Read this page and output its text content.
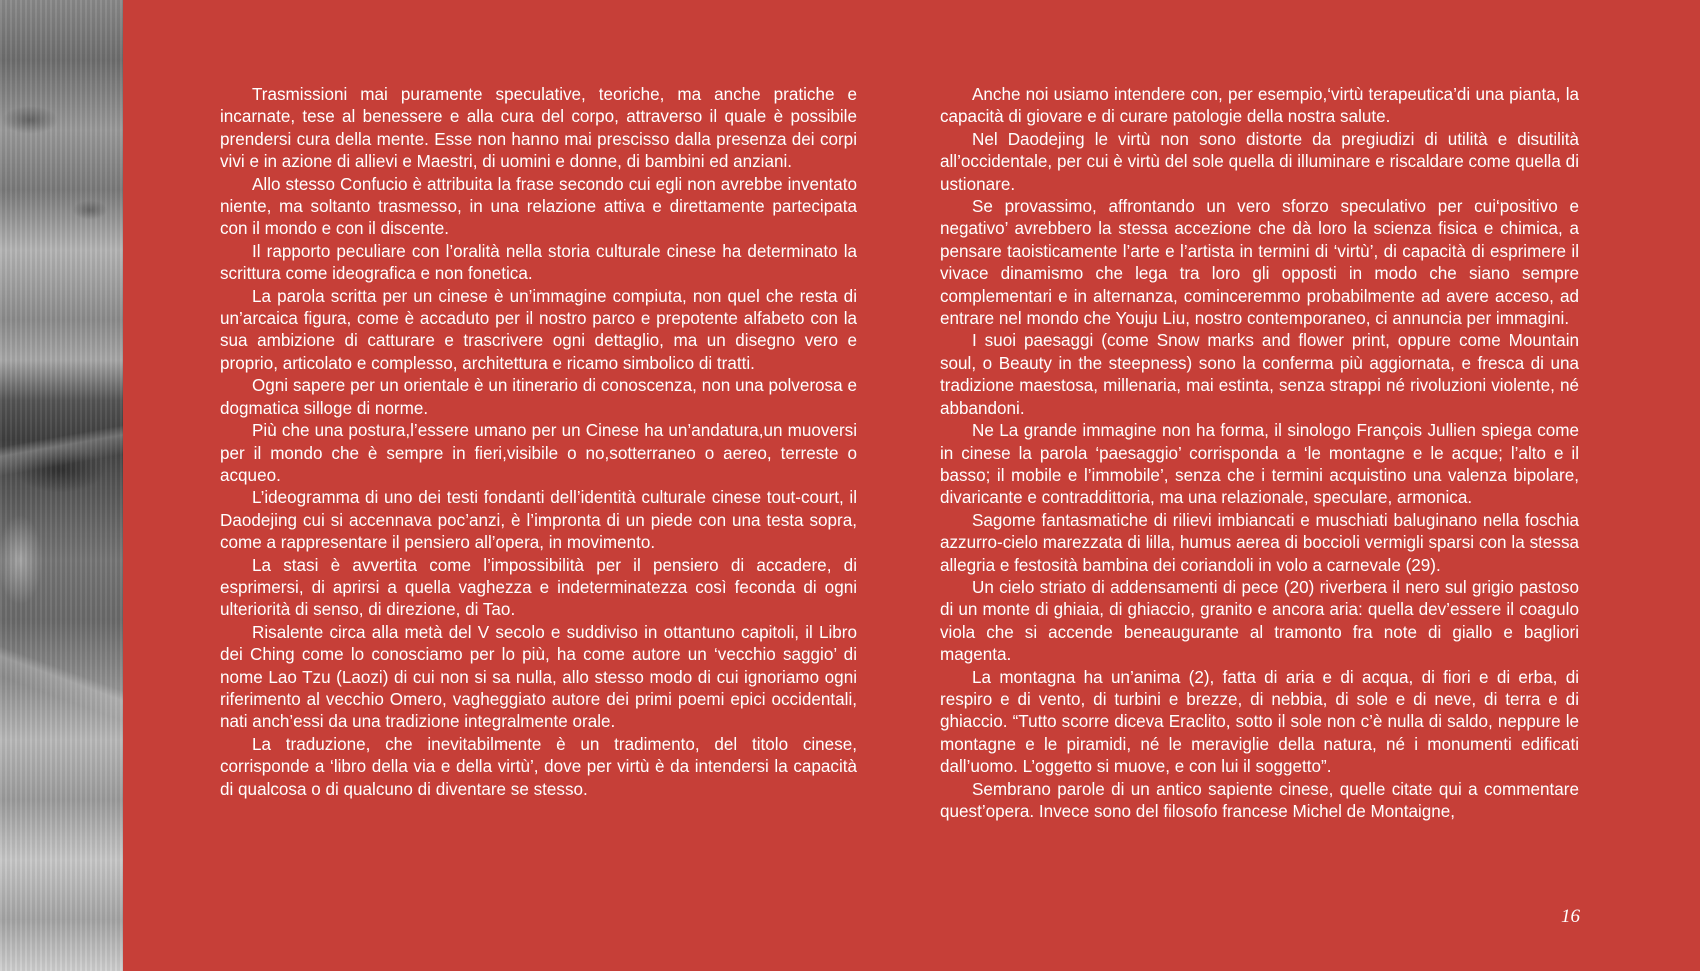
Trasmissioni mai puramente speculative, teoriche, ma anche pratiche e incarnate, tese al benessere e alla cura del corpo, attraverso il quale è possibile prendersi cura della mente. Esse non hanno mai prescisso dalla presenza dei corpi vivi e in azione di allievi e Maestri, di uomini e donne, di bambini ed anziani.

Allo stesso Confucio è attribuita la frase secondo cui egli non avrebbe inventato niente, ma soltanto trasmesso, in una relazione attiva e direttamente partecipata con il mondo e con il discente.

Il rapporto peculiare con l’oralità nella storia culturale cinese ha determinato la scrittura come ideografica e non fonetica.

La parola scritta per un cinese è un’immagine compiuta, non quel che resta di un’arcaica figura, come è accaduto per il nostro parco e prepotente alfabeto con la sua ambizione di catturare e trascrivere ogni dettaglio, ma un disegno vero e proprio, articolato e complesso, architettura e ricamo simbolico di tratti.

Ogni sapere per un orientale è un itinerario di conoscenza, non una polverosa e dogmatica silloge di norme.

Più che una postura,l’essere umano per un Cinese ha un’andatura,un muoversi per il mondo che è sempre in fieri,visibile o no,sotterraneo o aereo, terreste o acqueo.

L’ideogramma di uno dei testi fondanti dell’identità culturale cinese tout-court, il Daodejing cui si accennava poc’anzi, è l’impronta di un piede con una testa sopra, come a rappresentare il pensiero all’opera, in movimento.

La stasi è avvertita come l’impossibilità per il pensiero di accadere, di esprimersi, di aprirsi a quella vaghezza e indeterminatezza così feconda di ogni ulteriorità di senso, di direzione, di Tao.

Risalente circa alla metà del V secolo e suddiviso in ottantuno capitoli, il Libro dei Ching come lo conosciamo per lo più, ha come autore un ‘vecchio saggio’ di nome Lao Tzu (Laozi) di cui non si sa nulla, allo stesso modo di cui ignoriamo ogni riferimento al vecchio Omero, vagheggiato autore dei primi poemi epici occidentali, nati anch’essi da una tradizione integralmente orale.

La traduzione, che inevitabilmente è un tradimento, del titolo cinese, corrisponde a ‘libro della via e della virtù’, dove per virtù è da intendersi la capacità di qualcosa o di qualcuno di diventare se stesso.

Anche noi usiamo intendere con, per esempio,‘virtù terapeutica’di una pianta, la capacità di giovare e di curare patologie della nostra salute.

Nel Daodejing le virtù non sono distorte da pregiudizi di utilità e disutilità all’occidentale, per cui è virtù del sole quella di illuminare e riscaldare come quella di ustionare.

Se provassimo, affrontando un vero sforzo speculativo per cui‘positivo e negativo’ avrebbero la stessa accezione che dà loro la scienza fisica e chimica, a pensare taoisticamente l’arte e l’artista in termini di ‘virtù’, di capacità di esprimere il vivace dinamismo che lega tra loro gli opposti in modo che siano sempre complementari e in alternanza, cominceremmo probabilmente ad avere acceso, ad entrare nel mondo che Youju Liu, nostro contemporaneo, ci annuncia per immagini.

I suoi paesaggi (come Snow marks and flower print, oppure come Mountain soul, o Beauty in the steepness) sono la conferma più aggiornata, e fresca di una tradizione maestosa, millenaria, mai estinta, senza strappi né rivoluzioni violente, né abbandoni.

Ne La grande immagine non ha forma, il sinologo François Jullien spiega come in cinese la parola ‘paesaggio’ corrisponda a ‘le montagne e le acque; l’alto e il basso; il mobile e l’immobile’, senza che i termini acquistino una valenza bipolare, divaricante e contraddittoria, ma una relazionale, speculare, armonica.

Sagome fantasmatiche di rilievi imbiancati e muschiati baluginano nella foschia azzurro-cielo marezzata di lilla, humus aerea di boccioli vermigli sparsi con la stessa allegria e festosità bambina dei coriandoli in volo a carnevale (29).

Un cielo striato di addensamenti di pece (20) riverbera il nero sul grigio pastoso di un monte di ghiaia, di ghiaccio, granito e ancora aria: quella dev’essere il coagulo viola che si accende beneaugurante al tramonto fra note di giallo e bagliori magenta.

La montagna ha un’anima (2), fatta di aria e di acqua, di fiori e di erba, di respiro e di vento, di turbini e brezze, di nebbia, di sole e di neve, di terra e di ghiaccio. “Tutto scorre diceva Eraclito, sotto il sole non c’è nulla di saldo, neppure le montagne e le piramidi, né le meraviglie della natura, né i monumenti edificati dall’uomo. L’oggetto si muove, e con lui il soggetto”.

Sembrano parole di un antico sapiente cinese, quelle citate qui a commentare quest’opera. Invece sono del filosofo francese Michel de Montaigne,

16
